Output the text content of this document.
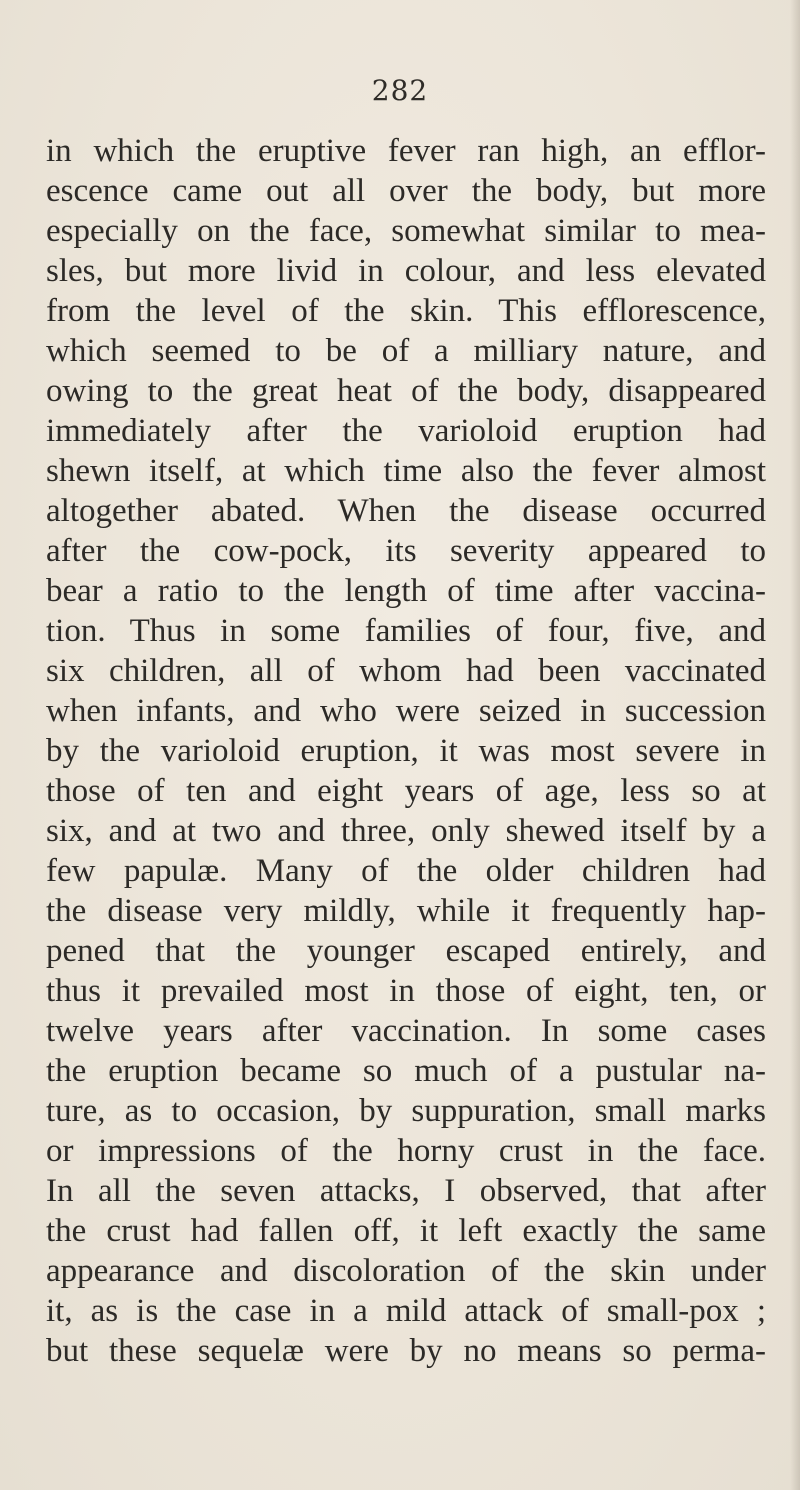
282
in which the eruptive fever ran high, an efflor-
escence came out all over the body, but more
especially on the face, somewhat similar to mea-
sles, but more livid in colour, and less elevated
from the level of the skin. This efflorescence,
which seemed to be of a milliary nature, and
owing to the great heat of the body, disappeared
immediately after the varioloid eruption had
shewn itself, at which time also the fever almost
altogether abated. When the disease occurred
after the cow-pock, its severity appeared to
bear a ratio to the length of time after vaccina-
tion. Thus in some families of four, five, and
six children, all of whom had been vaccinated
when infants, and who were seized in succession
by the varioloid eruption, it was most severe in
those of ten and eight years of age, less so at
six, and at two and three, only shewed itself by a
few papulæ. Many of the older children had
the disease very mildly, while it frequently hap-
pened that the younger escaped entirely, and
thus it prevailed most in those of eight, ten, or
twelve years after vaccination. In some cases
the eruption became so much of a pustular na-
ture, as to occasion, by suppuration, small marks
or impressions of the horny crust in the face.
In all the seven attacks, I observed, that after
the crust had fallen off, it left exactly the same
appearance and discoloration of the skin under
it, as is the case in a mild attack of small-pox ;
but these sequelæ were by no means so perma-
